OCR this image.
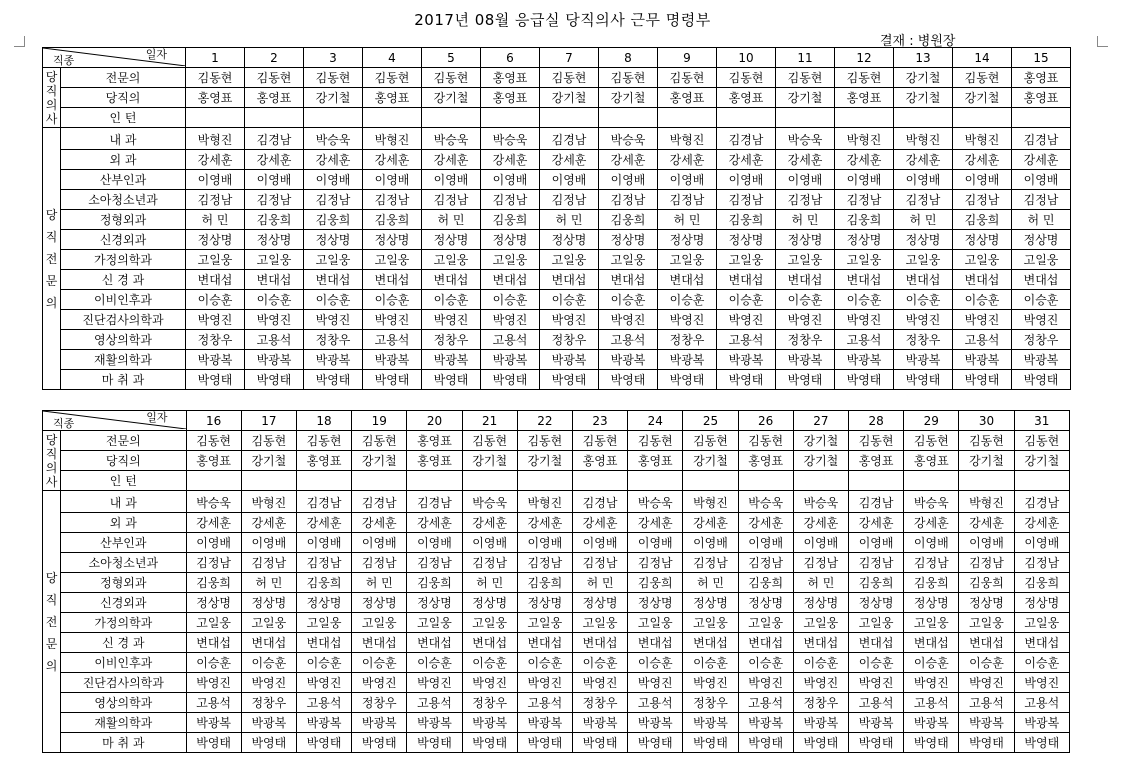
2017년 08월 응급실 당직의사 근무 명령부
결재 : 병원장
직종 일자		1	2	3	4	5	6	7	8	9	10	11	12	13	14	15

당
직
의
사	전문의	김동현	김동현	김동현	김동현	김동현	홍영표	김동현	김동현	김동현	김동현	김동현	김동현	강기철	김동현	홍영표
	당직의	홍영표	홍영표	강기철	홍영표	강기철	홍영표	강기철	강기철	홍영표	홍영표	강기철	홍영표	강기철	강기철	홍영표
	인 턴															

당
직
전
문
의	내 과	박형진	김경남	박승욱	박형진	박승욱	박승욱	김경남	박승욱	박형진	김경남	박승욱	박형진	박형진	박형진	김경남
	외 과	강세훈	강세훈	강세훈	강세훈	강세훈	강세훈	강세훈	강세훈	강세훈	강세훈	강세훈	강세훈	강세훈	강세훈	강세훈
	산부인과	이영배	이영배	이영배	이영배	이영배	이영배	이영배	이영배	이영배	이영배	이영배	이영배	이영배	이영배	이영배
	소아청소년과	김정남	김정남	김정남	김정남	김정남	김정남	김정남	김정남	김정남	김정남	김정남	김정남	김정남	김정남	김정남
	정형외과	허 민	김웅희	김웅희	김웅희	허 민	김웅희	허 민	김웅희	허 민	김웅희	허 민	김웅희	허 민	김웅희	허 민
	신경외과	정상명	정상명	정상명	정상명	정상명	정상명	정상명	정상명	정상명	정상명	정상명	정상명	정상명	정상명	정상명
	가정의학과	고일웅	고일웅	고일웅	고일웅	고일웅	고일웅	고일웅	고일웅	고일웅	고일웅	고일웅	고일웅	고일웅	고일웅	고일웅
	신 경 과	변대섭	변대섭	변대섭	변대섭	변대섭	변대섭	변대섭	변대섭	변대섭	변대섭	변대섭	변대섭	변대섭	변대섭	변대섭
	이비인후과	이승훈	이승훈	이승훈	이승훈	이승훈	이승훈	이승훈	이승훈	이승훈	이승훈	이승훈	이승훈	이승훈	이승훈	이승훈
	진단검사의학과	박영진	박영진	박영진	박영진	박영진	박영진	박영진	박영진	박영진	박영진	박영진	박영진	박영진	박영진	박영진
	영상의학과	정창우	고용석	정창우	고용석	정창우	고용석	정창우	고용석	정창우	고용석	정창우	고용석	정창우	고용석	정창우
	재활의학과	박광복	박광복	박광복	박광복	박광복	박광복	박광복	박광복	박광복	박광복	박광복	박광복	박광복	박광복	박광복
	마 취 과	박영태	박영태	박영태	박영태	박영태	박영태	박영태	박영태	박영태	박영태	박영태	박영태	박영태	박영태	박영태
직종 일자		16	17	18	19	20	21	22	23	24	25	26	27	28	29	30	31

당
직
의
사	전문의	김동현	김동현	김동현	김동현	홍영표	김동현	김동현	김동현	김동현	김동현	김동현	강기철	김동현	김동현	김동현	김동현
	당직의	홍영표	강기철	홍영표	강기철	홍영표	강기철	강기철	홍영표	홍영표	강기철	홍영표	강기철	홍영표	홍영표	강기철	강기철
	인 턴																

당
직
전
문
의	내 과	박승욱	박형진	김경남	김경남	김경남	박승욱	박형진	김경남	박승욱	박형진	박승욱	박승욱	김경남	박승욱	박형진	김경남
	외 과	강세훈	강세훈	강세훈	강세훈	강세훈	강세훈	강세훈	강세훈	강세훈	강세훈	강세훈	강세훈	강세훈	강세훈	강세훈	강세훈
	산부인과	이영배	이영배	이영배	이영배	이영배	이영배	이영배	이영배	이영배	이영배	이영배	이영배	이영배	이영배	이영배	이영배
	소아청소년과	김정남	김정남	김정남	김정남	김정남	김정남	김정남	김정남	김정남	김정남	김정남	김정남	김정남	김정남	김정남	김정남
	정형외과	김웅희	허 민	김웅희	허 민	김웅희	허 민	김웅희	허 민	김웅희	허 민	김웅희	허 민	김웅희	김웅희	김웅희	김웅희
	신경외과	정상명	정상명	정상명	정상명	정상명	정상명	정상명	정상명	정상명	정상명	정상명	정상명	정상명	정상명	정상명	정상명
	가정의학과	고일웅	고일웅	고일웅	고일웅	고일웅	고일웅	고일웅	고일웅	고일웅	고일웅	고일웅	고일웅	고일웅	고일웅	고일웅	고일웅
	신 경 과	변대섭	변대섭	변대섭	변대섭	변대섭	변대섭	변대섭	변대섭	변대섭	변대섭	변대섭	변대섭	변대섭	변대섭	변대섭	변대섭
	이비인후과	이승훈	이승훈	이승훈	이승훈	이승훈	이승훈	이승훈	이승훈	이승훈	이승훈	이승훈	이승훈	이승훈	이승훈	이승훈	이승훈
	진단검사의학과	박영진	박영진	박영진	박영진	박영진	박영진	박영진	박영진	박영진	박영진	박영진	박영진	박영진	박영진	박영진	박영진
	영상의학과	고용석	정창우	고용석	정창우	고용석	정창우	고용석	정창우	고용석	정창우	고용석	정창우	고용석	고용석	고용석	고용석
	재활의학과	박광복	박광복	박광복	박광복	박광복	박광복	박광복	박광복	박광복	박광복	박광복	박광복	박광복	박광복	박광복	박광복
	마 취 과	박영태	박영태	박영태	박영태	박영태	박영태	박영태	박영태	박영태	박영태	박영태	박영태	박영태	박영태	박영태	박영태
